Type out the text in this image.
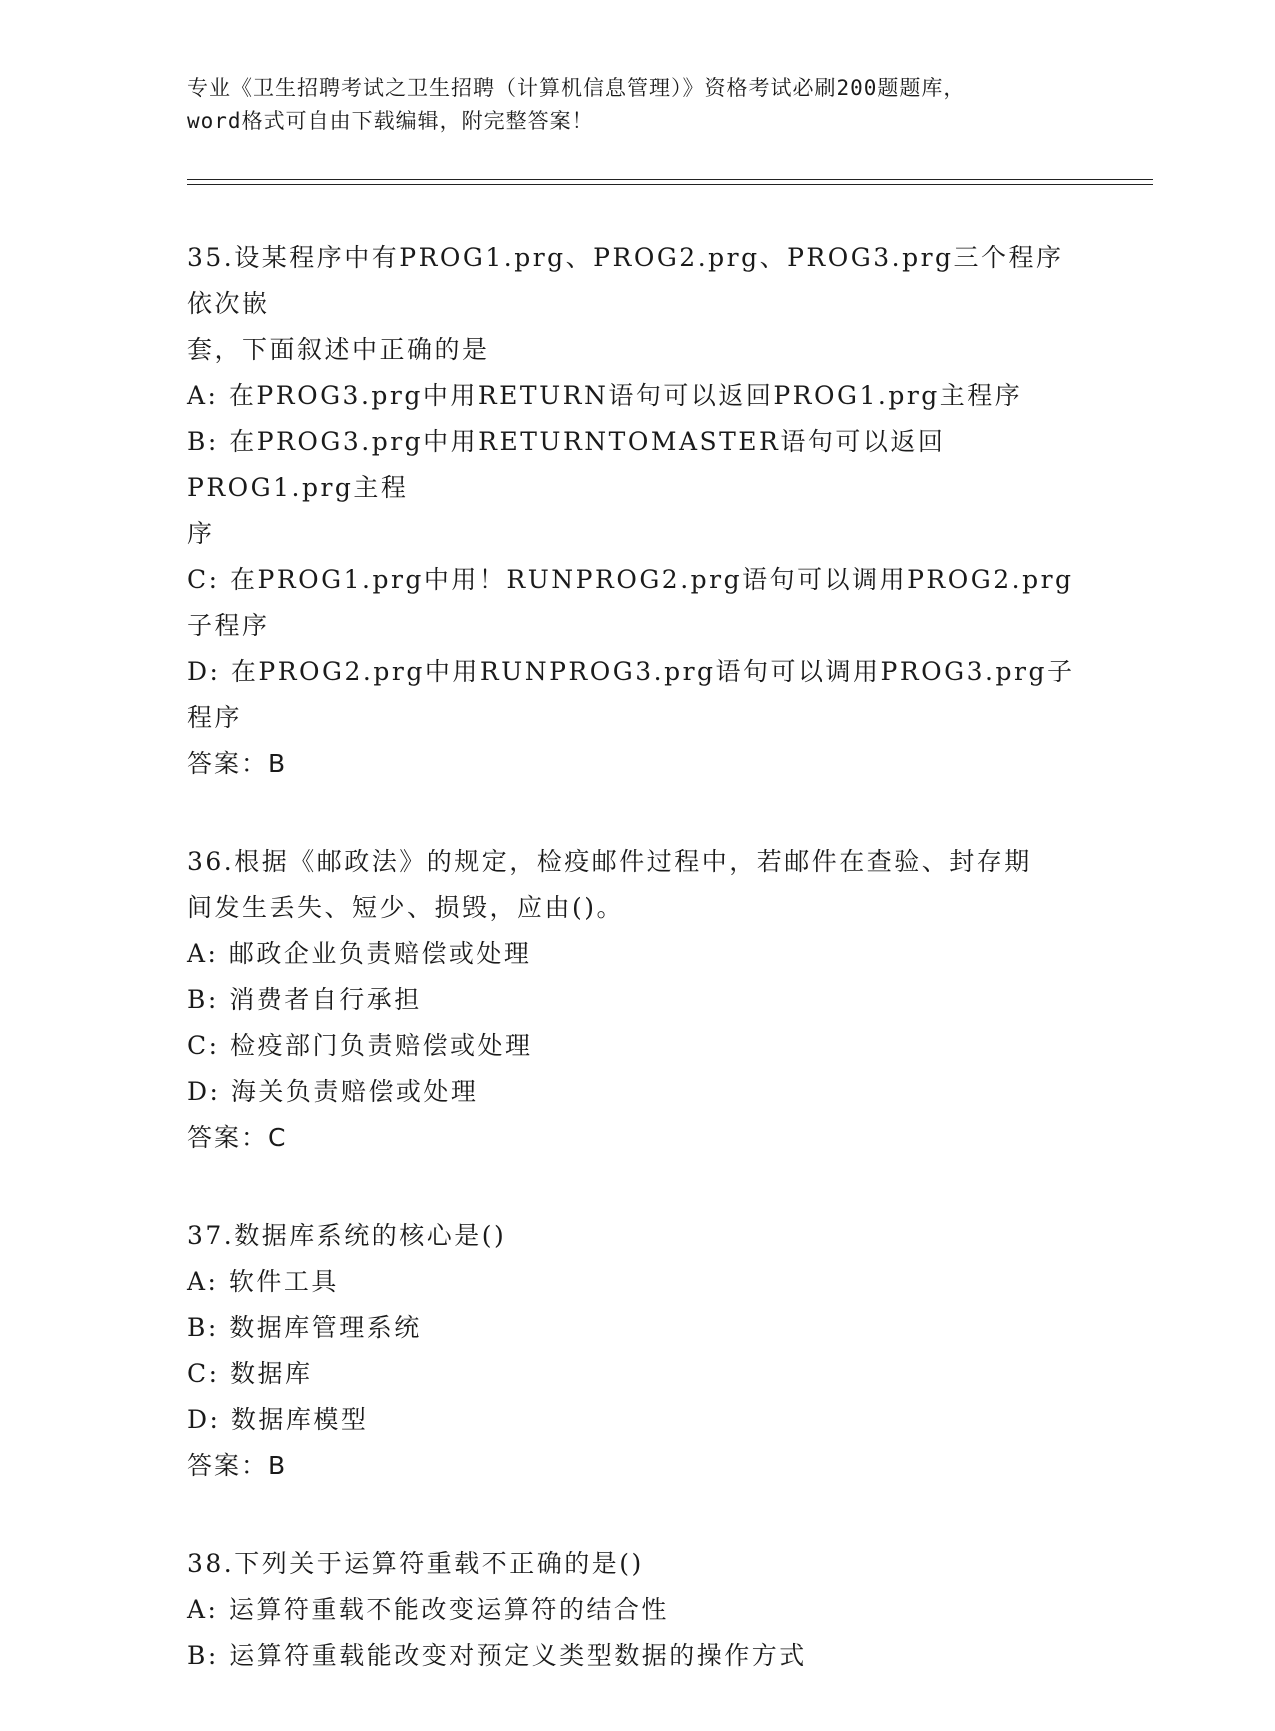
专业《卫生招聘考试之卫生招聘（计算机信息管理）》资格考试必刷200题题库，
word格式可自由下载编辑，附完整答案！
35.设某程序中有PROG1.prg、PROG2.prg、PROG3.prg三个程序依次嵌
套，下面叙述中正确的是
A: 在PROG3.prg中用RETURN语句可以返回PROG1.prg主程序
B: 在PROG3.prg中用RETURNTOMASTER语句可以返回PROG1.prg主程
序
C: 在PROG1.prg中用！RUNPROG2.prg语句可以调用PROG2.prg子程序
D: 在PROG2.prg中用RUNPROG3.prg语句可以调用PROG3.prg子程序
答案：B
36.根据《邮政法》的规定，检疫邮件过程中，若邮件在查验、封存期
间发生丢失、短少、损毁，应由()。
A: 邮政企业负责赔偿或处理
B: 消费者自行承担
C: 检疫部门负责赔偿或处理
D: 海关负责赔偿或处理
答案：C
37.数据库系统的核心是()
A: 软件工具
B: 数据库管理系统
C: 数据库
D: 数据库模型
答案：B
38.下列关于运算符重载不正确的是()
A: 运算符重载不能改变运算符的结合性
B: 运算符重载能改变对预定义类型数据的操作方式
